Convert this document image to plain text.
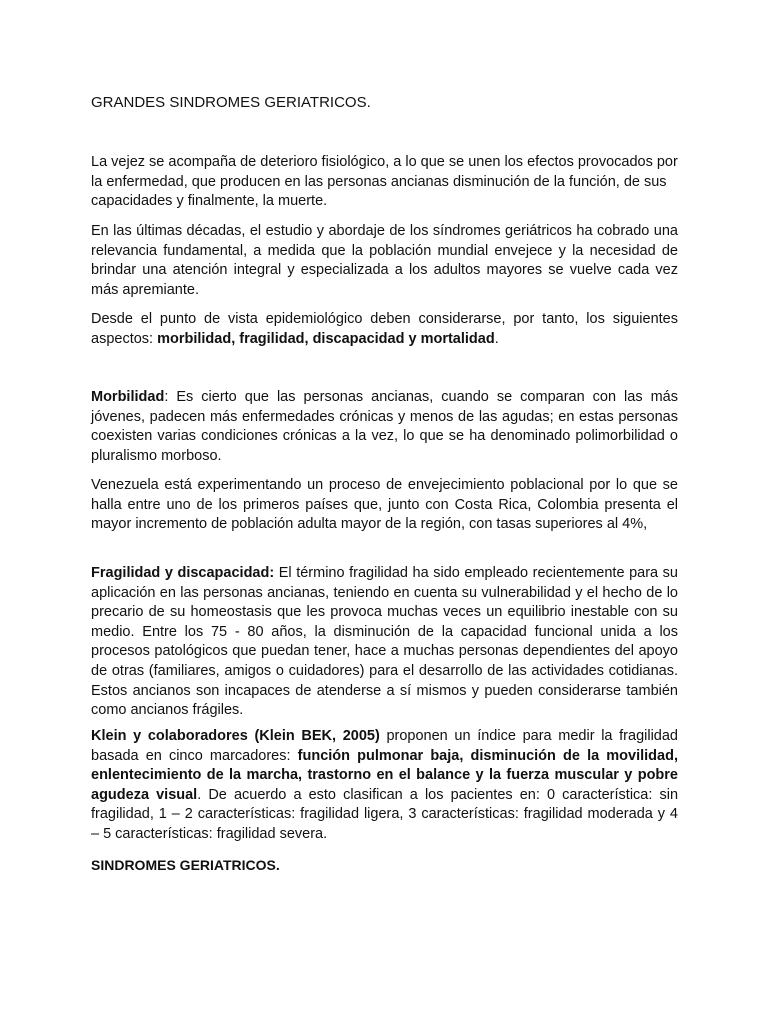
GRANDES SINDROMES GERIATRICOS.

La vejez se acompaña de deterioro fisiológico, a lo que se unen los efectos provocados por la enfermedad, que producen en las personas ancianas disminución de la función, de sus capacidades y finalmente, la muerte.

En las últimas décadas, el estudio y abordaje de los síndromes geriátricos ha cobrado una relevancia fundamental, a medida que la población mundial envejece y la necesidad de brindar una atención integral y especializada a los adultos mayores se vuelve cada vez más apremiante.

Desde el punto de vista epidemiológico deben considerarse, por tanto, los siguientes aspectos: morbilidad, fragilidad, discapacidad y mortalidad.

Morbilidad: Es cierto que las personas ancianas, cuando se comparan con las más jóvenes, padecen más enfermedades crónicas y menos de las agudas; en estas personas coexisten varias condiciones crónicas a la vez, lo que se ha denominado polimorbilidad o pluralismo morboso.

Venezuela está experimentando un proceso de envejecimiento poblacional por lo que se halla entre uno de los primeros países que, junto con Costa Rica, Colombia presenta el mayor incremento de población adulta mayor de la región, con tasas superiores al 4%,

Fragilidad y discapacidad: El término fragilidad ha sido empleado recientemente para su aplicación en las personas ancianas, teniendo en cuenta su vulnerabilidad y el hecho de lo precario de su homeostasis que les provoca muchas veces un equilibrio inestable con su medio. Entre los 75 - 80 años, la disminución de la capacidad funcional unida a los procesos patológicos que puedan tener, hace a muchas personas dependientes del apoyo de otras (familiares, amigos o cuidadores) para el desarrollo de las actividades cotidianas. Estos ancianos son incapaces de atenderse a sí mismos y pueden considerarse también como ancianos frágiles.

Klein y colaboradores (Klein BEK, 2005) proponen un índice para medir la fragilidad basada en cinco marcadores: función pulmonar baja, disminución de la movilidad, enlentecimiento de la marcha, trastorno en el balance y la fuerza muscular y pobre agudeza visual. De acuerdo a esto clasifican a los pacientes en: 0 característica: sin fragilidad, 1 – 2 características: fragilidad ligera, 3 características: fragilidad moderada y 4 – 5 características: fragilidad severa.

SINDROMES GERIATRICOS.
